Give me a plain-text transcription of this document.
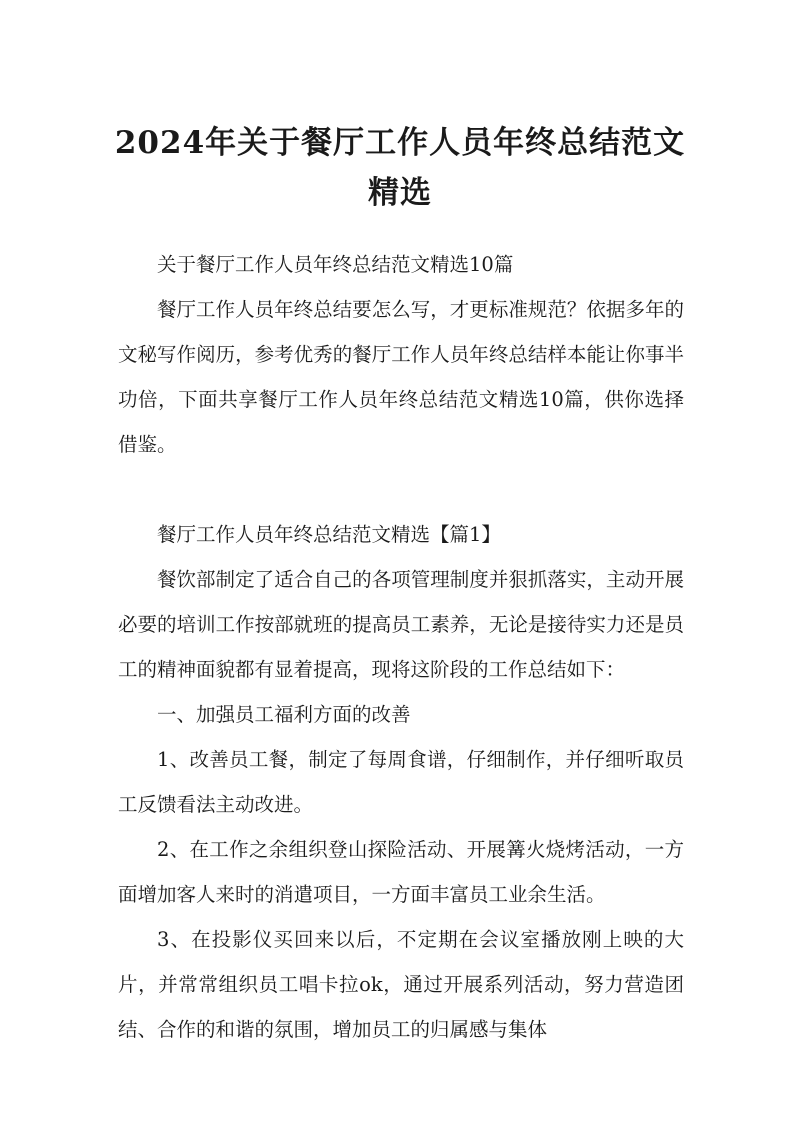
2024年关于餐厅工作人员年终总结范文精选

关于餐厅工作人员年终总结范文精选10篇

餐厅工作人员年终总结要怎么写，才更标准规范？依据多年的文秘写作阅历，参考优秀的餐厅工作人员年终总结样本能让你事半功倍，下面共享餐厅工作人员年终总结范文精选10篇，供你选择借鉴。

餐厅工作人员年终总结范文精选【篇1】

餐饮部制定了适合自己的各项管理制度并狠抓落实，主动开展必要的培训工作按部就班的提高员工素养，无论是接待实力还是员工的精神面貌都有显着提高，现将这阶段的工作总结如下：

一、加强员工福利方面的改善

1、改善员工餐，制定了每周食谱，仔细制作，并仔细听取员工反馈看法主动改进。

2、在工作之余组织登山探险活动、开展篝火烧烤活动，一方面增加客人来时的消遣项目，一方面丰富员工业余生活。

3、在投影仪买回来以后，不定期在会议室播放刚上映的大片，并常常组织员工唱卡拉ok，通过开展系列活动，努力营造团结、合作的和谐的氛围，增加员工的归属感与集体
